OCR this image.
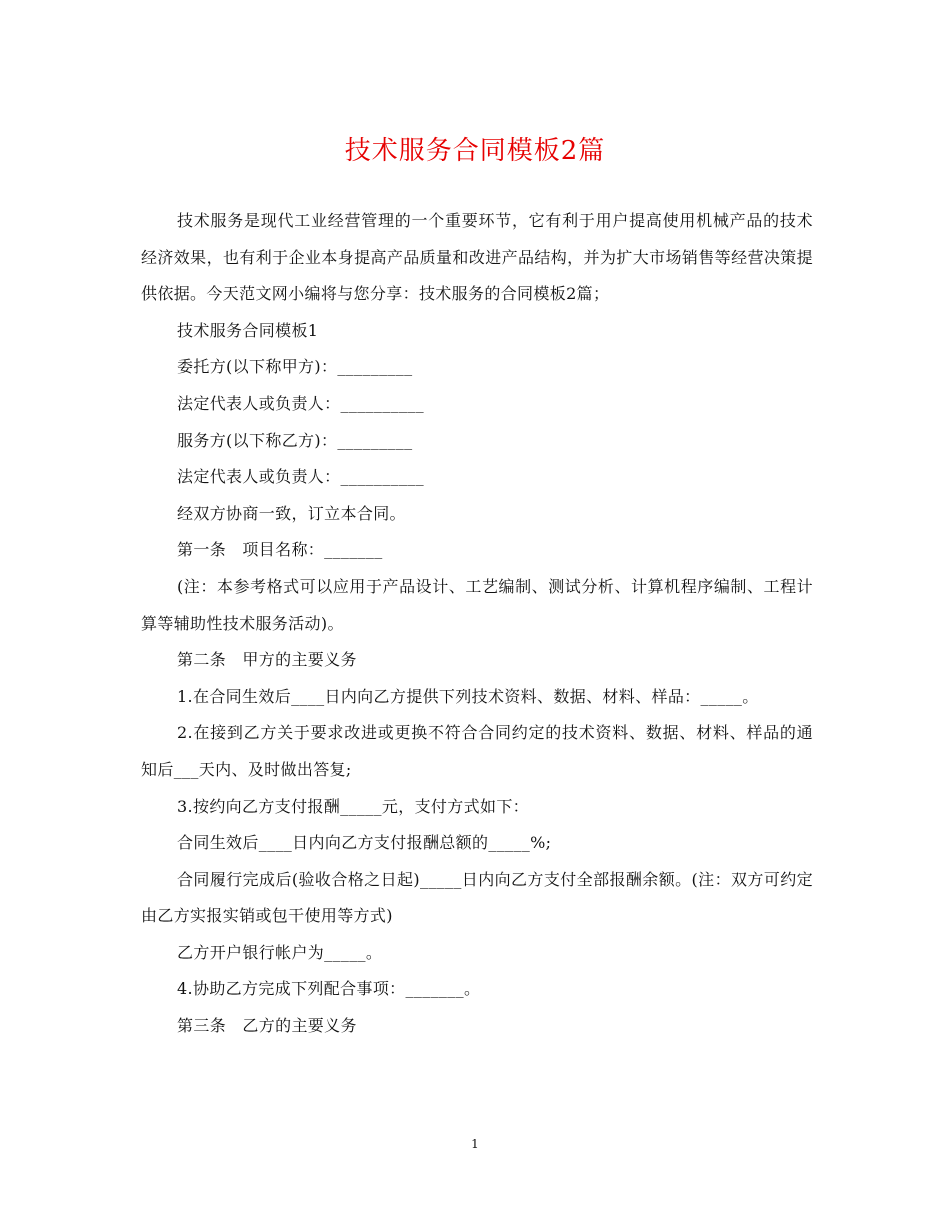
技术服务合同模板2篇

技术服务是现代工业经营管理的一个重要环节，它有利于用户提高使用机械产品的技术经济效果，也有利于企业本身提高产品质量和改进产品结构，并为扩大市场销售等经营决策提供依据。今天范文网小编将与您分享：技术服务的合同模板2篇；

技术服务合同模板1

委托方(以下称甲方)：_________

法定代表人或负责人：__________

服务方(以下称乙方)：_________

法定代表人或负责人：__________

经双方协商一致，订立本合同。

第一条　项目名称：_______

(注：本参考格式可以应用于产品设计、工艺编制、测试分析、计算机程序编制、工程计算等辅助性技术服务活动)。

第二条　甲方的主要义务

1.在合同生效后____日内向乙方提供下列技术资料、数据、材料、样品：_____。

2.在接到乙方关于要求改进或更换不符合合同约定的技术资料、数据、材料、样品的通知后___天内、及时做出答复;

3.按约向乙方支付报酬_____元，支付方式如下：

合同生效后____日内向乙方支付报酬总额的_____%;

合同履行完成后(验收合格之日起)_____日内向乙方支付全部报酬余额。(注：双方可约定由乙方实报实销或包干使用等方式)

乙方开户银行帐户为_____。

4.协助乙方完成下列配合事项：_______。

第三条　乙方的主要义务

1
